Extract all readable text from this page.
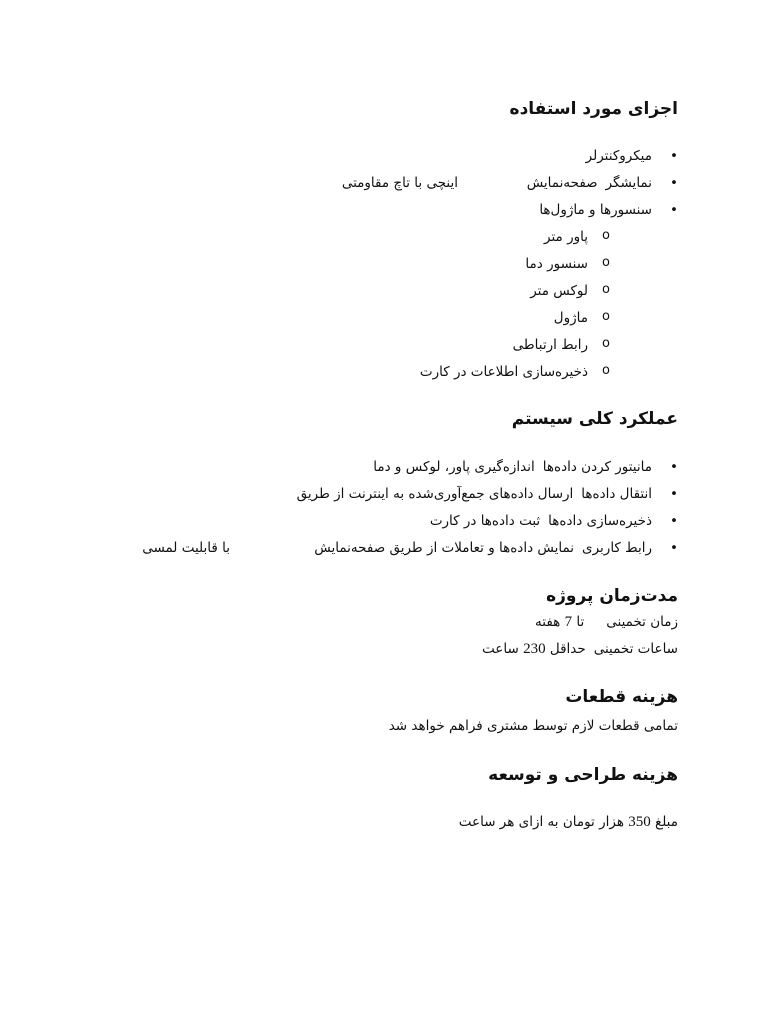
اجزای مورد استفاده
• میکروکنترلر
• نمایشگرصفحه‌نمایش
اینچی با تاچ مقاومتی
• سنسورها و ماژول‌ها
o پاور متر
o سنسور دما
o لوکس متر
o ماژول
o رابط ارتباطی
o ذخیره‌سازی اطلاعات در کارت
عملکرد کلی سیستم
• مانیتور کردن داده‌هااندازه‌گیری پاور، لوکس و دما
• انتقال داده‌هاارسال داده‌های جمع‌آوری‌شده به اینترنت از طریق
• ذخیره‌سازی داده‌هاثبت داده‌ها در کارت
• رابط کاربرینمایش داده‌ها و تعاملات از طریق صفحه‌نمایش
با قابلیت لمسی
مدت‌زمان پروژه
زمان تخمینیتا 7 هفته
ساعات تخمینیحداقل 230 ساعت
هزینه قطعات
تمامی قطعات لازم توسط مشتری فراهم خواهد شد
هزینه طراحی و توسعه
مبلغ 350 هزار تومان به ازای هر ساعت
